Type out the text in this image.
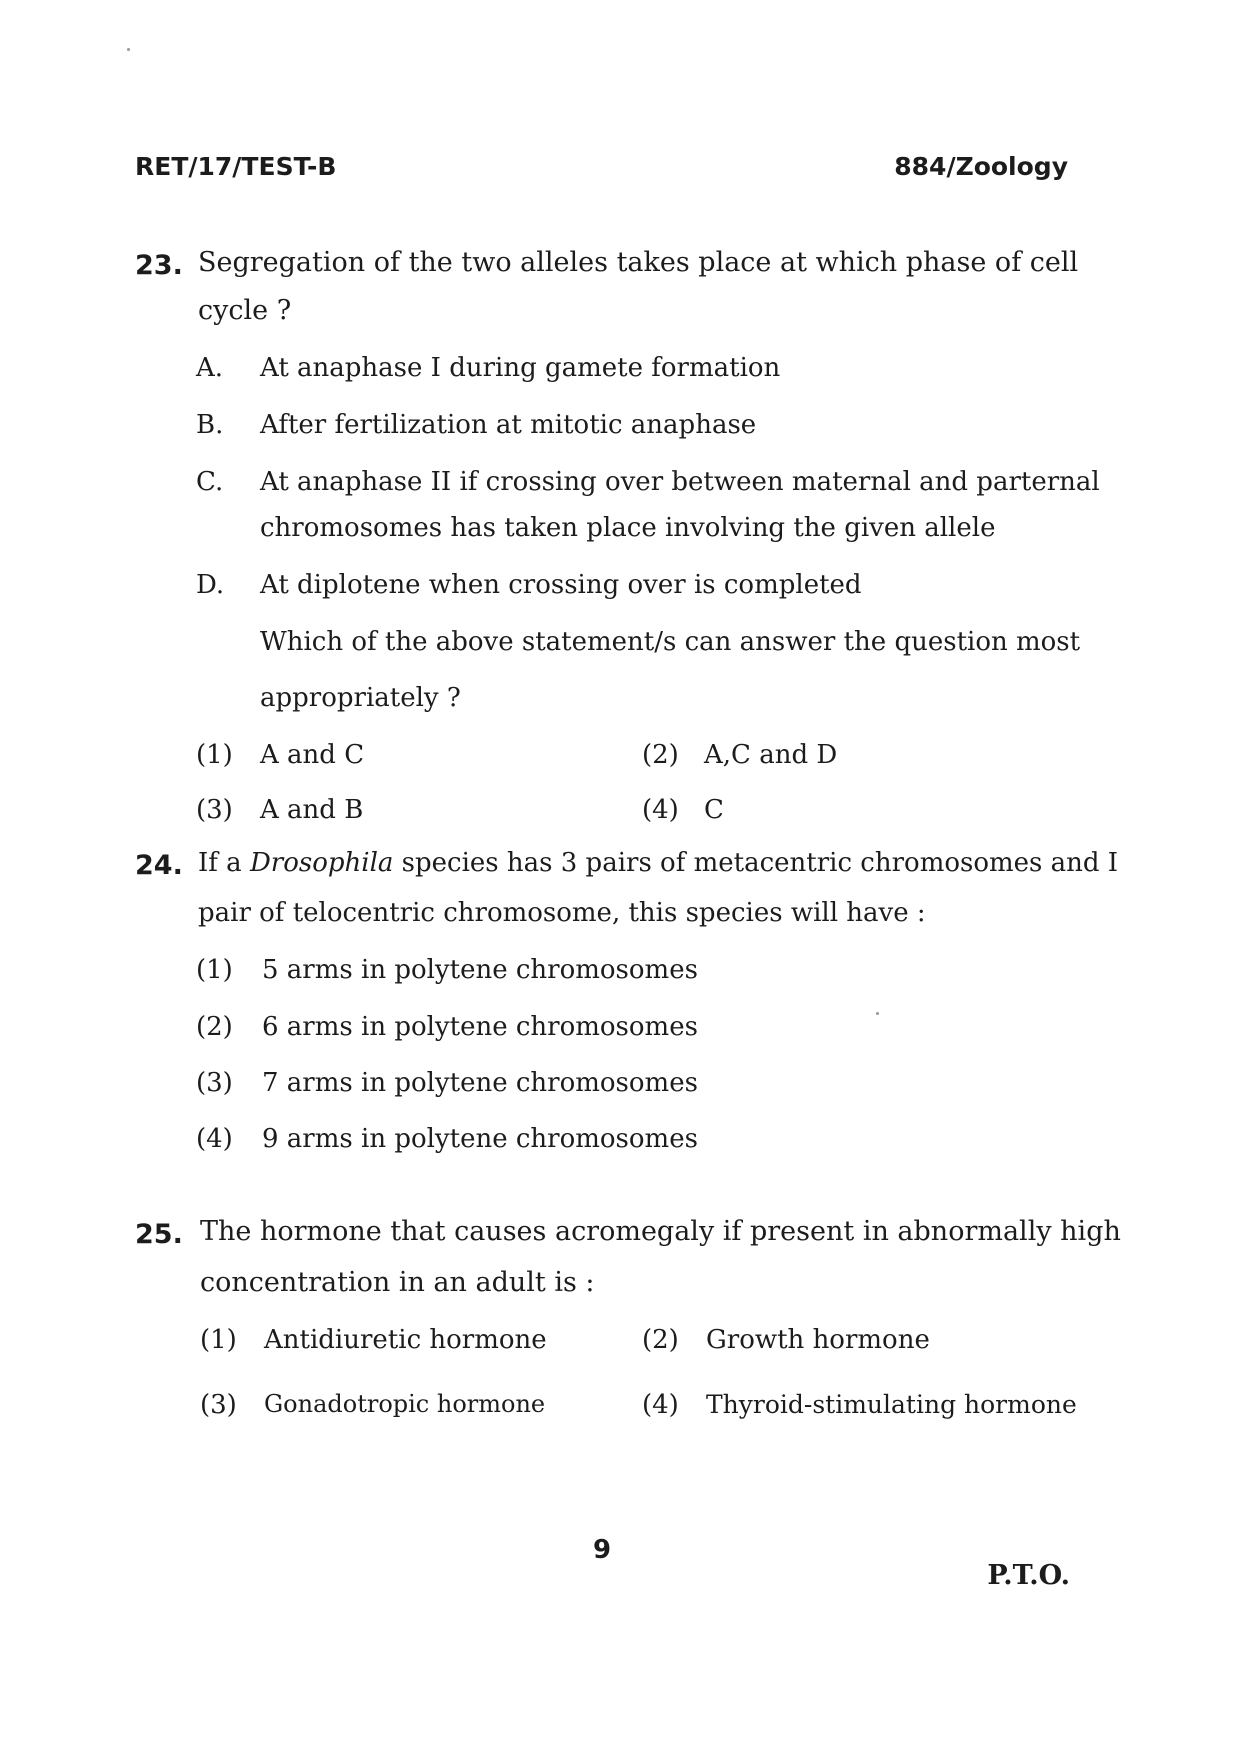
RET/17/TEST-B	884/Zoology
23. Segregation of the two alleles takes place at which phase of cell
cycle ?
A. At anaphase I during gamete formation
B. After fertilization at mitotic anaphase
C. At anaphase II if crossing over between maternal and parternal
chromosomes has taken place involving the given allele
D. At diplotene when crossing over is completed
Which of the above statement/s can answer the question most
appropriately ?
(1) A and C	(2) A,C and D
(3) A and B	(4) C
24. If a Drosophila species has 3 pairs of metacentric chromosomes and I
pair of telocentric chromosome, this species will have :
(1) 5 arms in polytene chromosomes
(2) 6 arms in polytene chromosomes
(3) 7 arms in polytene chromosomes
(4) 9 arms in polytene chromosomes
25. The hormone that causes acromegaly if present in abnormally high
concentration in an adult is :
(1) Antidiuretic hormone	(2) Growth hormone
(3) Gonadotropic hormone	(4) Thyroid-stimulating hormone
9
P.T.O.
